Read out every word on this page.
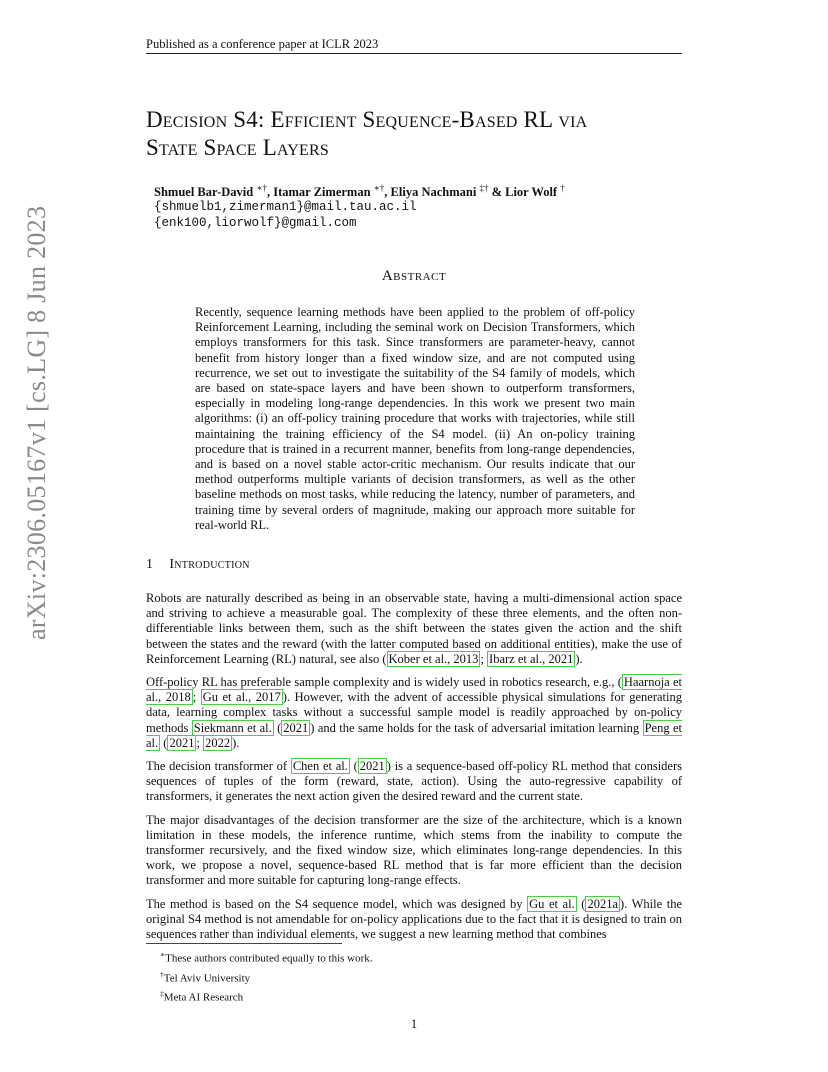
Published as a conference paper at ICLR 2023
arXiv:2306.05167v1 [cs.LG] 8 Jun 2023
Decision S4: Efficient Sequence-Based RL via
State Space Layers
Shmuel Bar-David ∗†, Itamar Zimerman ∗†, Eliya Nachmani ‡† & Lior Wolf †
{shmuelb1,zimerman1}@mail.tau.ac.il
{enk100,liorwolf}@gmail.com
Abstract
Recently, sequence learning methods have been applied to the problem of off-policy Reinforcement Learning, including the seminal work on Decision Transformers, which employs transformers for this task. Since transformers are parameter-heavy, cannot benefit from history longer than a fixed window size, and are not computed using recurrence, we set out to investigate the suitability of the S4 family of models, which are based on state-space layers and have been shown to outperform transformers, especially in modeling long-range dependencies. In this work we present two main algorithms: (i) an off-policy training procedure that works with trajectories, while still maintaining the training efficiency of the S4 model. (ii) An on-policy training procedure that is trained in a recurrent manner, benefits from long-range dependencies, and is based on a novel stable actor-critic mechanism. Our results indicate that our method outperforms multiple variants of decision transformers, as well as the other baseline methods on most tasks, while reducing the latency, number of parameters, and training time by several orders of magnitude, making our approach more suitable for real-world RL.
1 Introduction

Robots are naturally described as being in an observable state, having a multi-dimensional action space and striving to achieve a measurable goal. The complexity of these three elements, and the often non-differentiable links between them, such as the shift between the states given the action and the shift between the states and the reward (with the latter computed based on additional entities), make the use of Reinforcement Learning (RL) natural, see also ( Kober et al., 2013 ; Ibarz et al., 2021 ).

Off-policy RL has preferable sample complexity and is widely used in robotics research, e.g., ( Haarnoja et al., 2018 ; Gu et al., 2017 ). However, with the advent of accessible physical simulations for generating data, learning complex tasks without a successful sample model is readily approached by on-policy methods Siekmann et al. ( 2021 ) and the same holds for the task of adversarial imitation learning Peng et al. ( 2021 ; 2022 ).

The decision transformer of Chen et al. ( 2021 ) is a sequence-based off-policy RL method that considers sequences of tuples of the form (reward, state, action). Using the auto-regressive capability of transformers, it generates the next action given the desired reward and the current state.

The major disadvantages of the decision transformer are the size of the architecture, which is a known limitation in these models, the inference runtime, which stems from the inability to compute the transformer recursively, and the fixed window size, which eliminates long-range dependencies. In this work, we propose a novel, sequence-based RL method that is far more efficient than the decision transformer and more suitable for capturing long-range effects.

The method is based on the S4 sequence model, which was designed by Gu et al. ( 2021a ). While the original S4 method is not amendable for on-policy applications due to the fact that it is designed to train on sequences rather than individual elements, we suggest a new learning method that combines

∗These authors contributed equally to this work.
†Tel Aviv University
‡Meta AI Research
1
